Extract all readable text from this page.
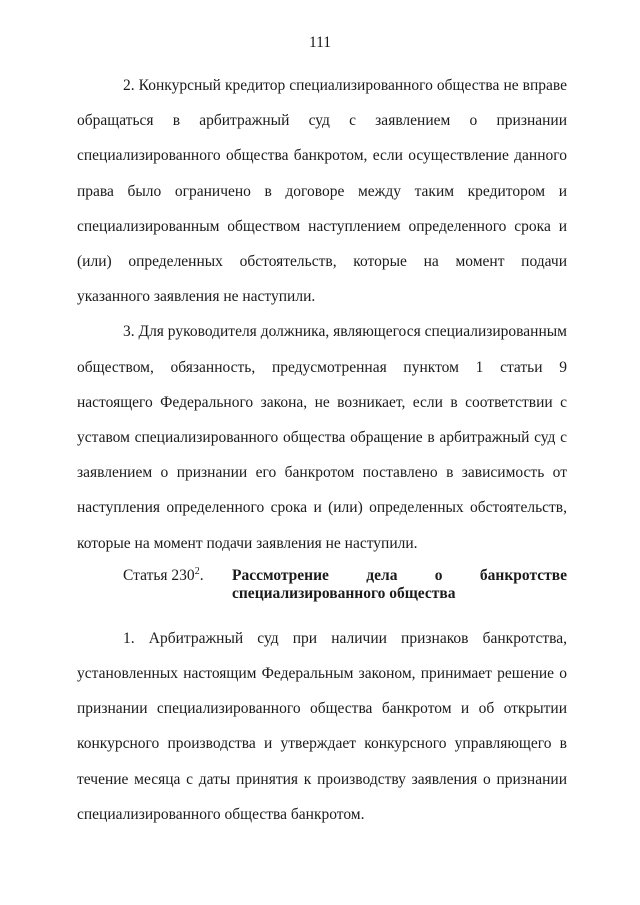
111

2. Конкурсный кредитор специализированного общества не вправе обращаться в арбитражный суд с заявлением о признании специализированного общества банкротом, если осуществление данного права было ограничено в договоре между таким кредитором и специализированным обществом наступлением определенного срока и (или) определенных обстоятельств, которые на момент подачи указанного заявления не наступили.

3. Для руководителя должника, являющегося специализированным обществом, обязанность, предусмотренная пунктом 1 статьи 9 настоящего Федерального закона, не возникает, если в соответствии с уставом специализированного общества обращение в арбитражный суд с заявлением о признании его банкротом поставлено в зависимость от наступления определенного срока и (или) определенных обстоятельств, которые на момент подачи заявления не наступили.

Статья $230^2$. Рассмотрение дела о банкротстве
специализированного общества

1. Арбитражный суд при наличии признаков банкротства, установленных настоящим Федеральным законом, принимает решение о признании специализированного общества банкротом и об открытии конкурсного производства и утверждает конкурсного управляющего в течение месяца с даты принятия к производству заявления о признании специализированного общества банкротом.
